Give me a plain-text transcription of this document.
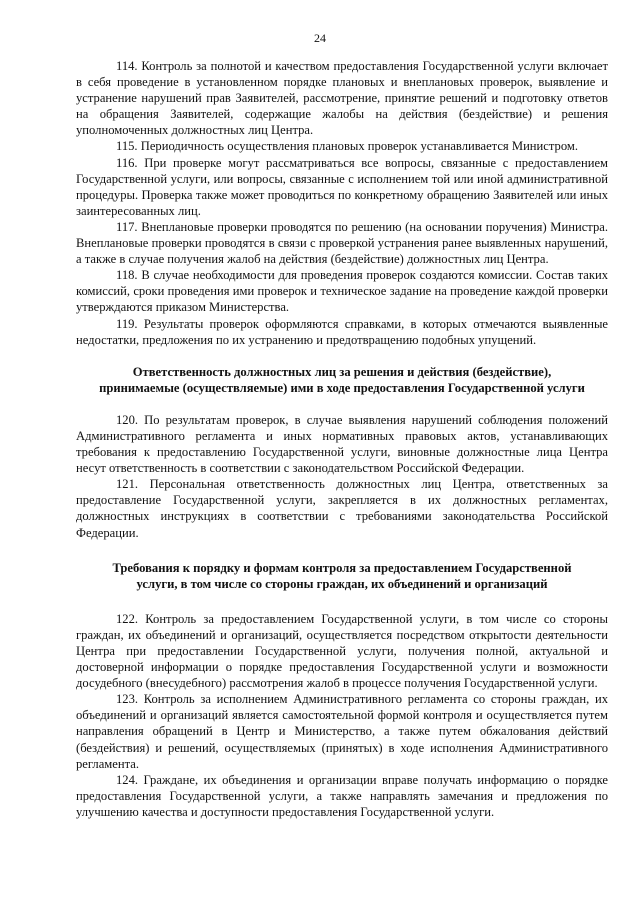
24

114. Контроль за полнотой и качеством предоставления Государственной услуги включает в себя проведение в установленном порядке плановых и внеплановых проверок, выявление и устранение нарушений прав Заявителей, рассмотрение, принятие решений и подготовку ответов на обращения Заявителей, содержащие жалобы на действия (бездействие) и решения уполномоченных должностных лиц Центра.

115. Периодичность осуществления плановых проверок устанавливается Министром.

116. При проверке могут рассматриваться все вопросы, связанные с предоставлением Государственной услуги, или вопросы, связанные с исполнением той или иной административной процедуры. Проверка также может проводиться по конкретному обращению Заявителей или иных заинтересованных лиц.

117. Внеплановые проверки проводятся по решению (на основании поручения) Министра. Внеплановые проверки проводятся в связи с проверкой устранения ранее выявленных нарушений, а также в случае получения жалоб на действия (бездействие) должностных лиц Центра.

118. В случае необходимости для проведения проверок создаются комиссии. Состав таких комиссий, сроки проведения ими проверок и техническое задание на проведение каждой проверки утверждаются приказом Министерства.

119. Результаты проверок оформляются справками, в которых отмечаются выявленные недостатки, предложения по их устранению и предотвращению подобных упущений.

Ответственность должностных лиц за решения и действия (бездействие),

принимаемые (осуществляемые) ими в ходе предоставления Государственной услуги

120. По результатам проверок, в случае выявления нарушений соблюдения положений Административного регламента и иных нормативных правовых актов, устанавливающих требования к предоставлению Государственной услуги, виновные должностные лица Центра несут ответственность в соответствии с законодательством Российской Федерации.

121. Персональная ответственность должностных лиц Центра, ответственных за предоставление Государственной услуги, закрепляется в их должностных регламентах, должностных инструкциях в соответствии с требованиями законодательства Российской Федерации.

Требования к порядку и формам контроля за предоставлением Государственной

услуги, в том числе со стороны граждан, их объединений и организаций

122. Контроль за предоставлением Государственной услуги, в том числе со стороны граждан, их объединений и организаций, осуществляется посредством открытости деятельности Центра при предоставлении Государственной услуги, получения полной, актуальной и достоверной информации о порядке предоставления Государственной услуги и возможности досудебного (внесудебного) рассмотрения жалоб в процессе получения Государственной услуги.

123. Контроль за исполнением Административного регламента со стороны граждан, их объединений и организаций является самостоятельной формой контроля и осуществляется путем направления обращений в Центр и Министерство, а также путем обжалования действий (бездействия) и решений, осуществляемых (принятых) в ходе исполнения Административного регламента.

124. Граждане, их объединения и организации вправе получать информацию о порядке предоставления Государственной услуги, а также направлять замечания и предложения по улучшению качества и доступности предоставления Государственной услуги.
